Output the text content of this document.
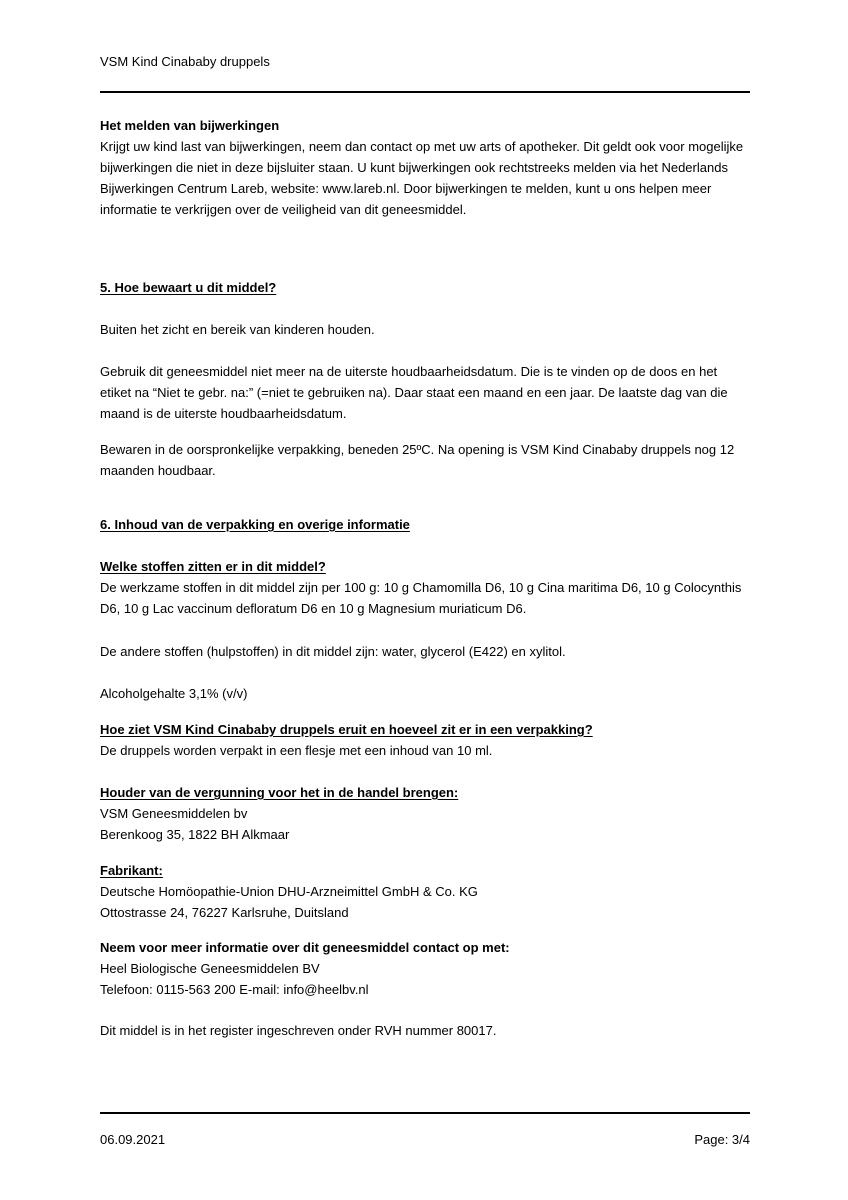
VSM Kind Cinababy druppels
Het melden van bijwerkingen
Krijgt uw kind last van bijwerkingen, neem dan contact op met uw arts of apotheker. Dit geldt ook voor mogelijke bijwerkingen die niet in deze bijsluiter staan. U kunt bijwerkingen ook rechtstreeks melden via het Nederlands Bijwerkingen Centrum Lareb, website: www.lareb.nl. Door bijwerkingen te melden, kunt u ons helpen meer informatie te verkrijgen over de veiligheid van dit geneesmiddel.
5. Hoe bewaart u dit middel?
Buiten het zicht en bereik van kinderen houden.
Gebruik dit geneesmiddel niet meer na de uiterste houdbaarheidsdatum. Die is te vinden op de doos en het etiket na “Niet te gebr. na:” (=niet te gebruiken na). Daar staat een maand en een jaar. De laatste dag van die maand is de uiterste houdbaarheidsdatum.
Bewaren in de oorspronkelijke verpakking, beneden 25ºC. Na opening is VSM Kind Cinababy druppels nog 12 maanden houdbaar.
6. Inhoud van de verpakking en overige informatie
Welke stoffen zitten er in dit middel?
De werkzame stoffen in dit middel zijn per 100 g: 10 g Chamomilla D6, 10 g Cina maritima D6, 10 g Colocynthis D6, 10 g Lac vaccinum defloratum D6 en 10 g Magnesium muriaticum D6.
De andere stoffen (hulpstoffen) in dit middel zijn: water, glycerol (E422) en xylitol.
Alcoholgehalte 3,1% (v/v)
Hoe ziet VSM Kind Cinababy druppels eruit en hoeveel zit er in een verpakking?
De druppels worden verpakt in een flesje met een inhoud van 10 ml.
Houder van de vergunning voor het in de handel brengen:
VSM Geneesmiddelen bv
Berenkoog 35, 1822 BH Alkmaar
Fabrikant:
Deutsche Homöopathie-Union DHU-Arzneimittel GmbH & Co. KG
Ottostrasse 24, 76227 Karlsruhe, Duitsland
Neem voor meer informatie over dit geneesmiddel contact op met:
Heel Biologische Geneesmiddelen BV
Telefoon: 0115-563 200 E-mail: info@heelbv.nl
Dit middel is in het register ingeschreven onder RVH nummer 80017.
06.09.2021	Page: 3/4
